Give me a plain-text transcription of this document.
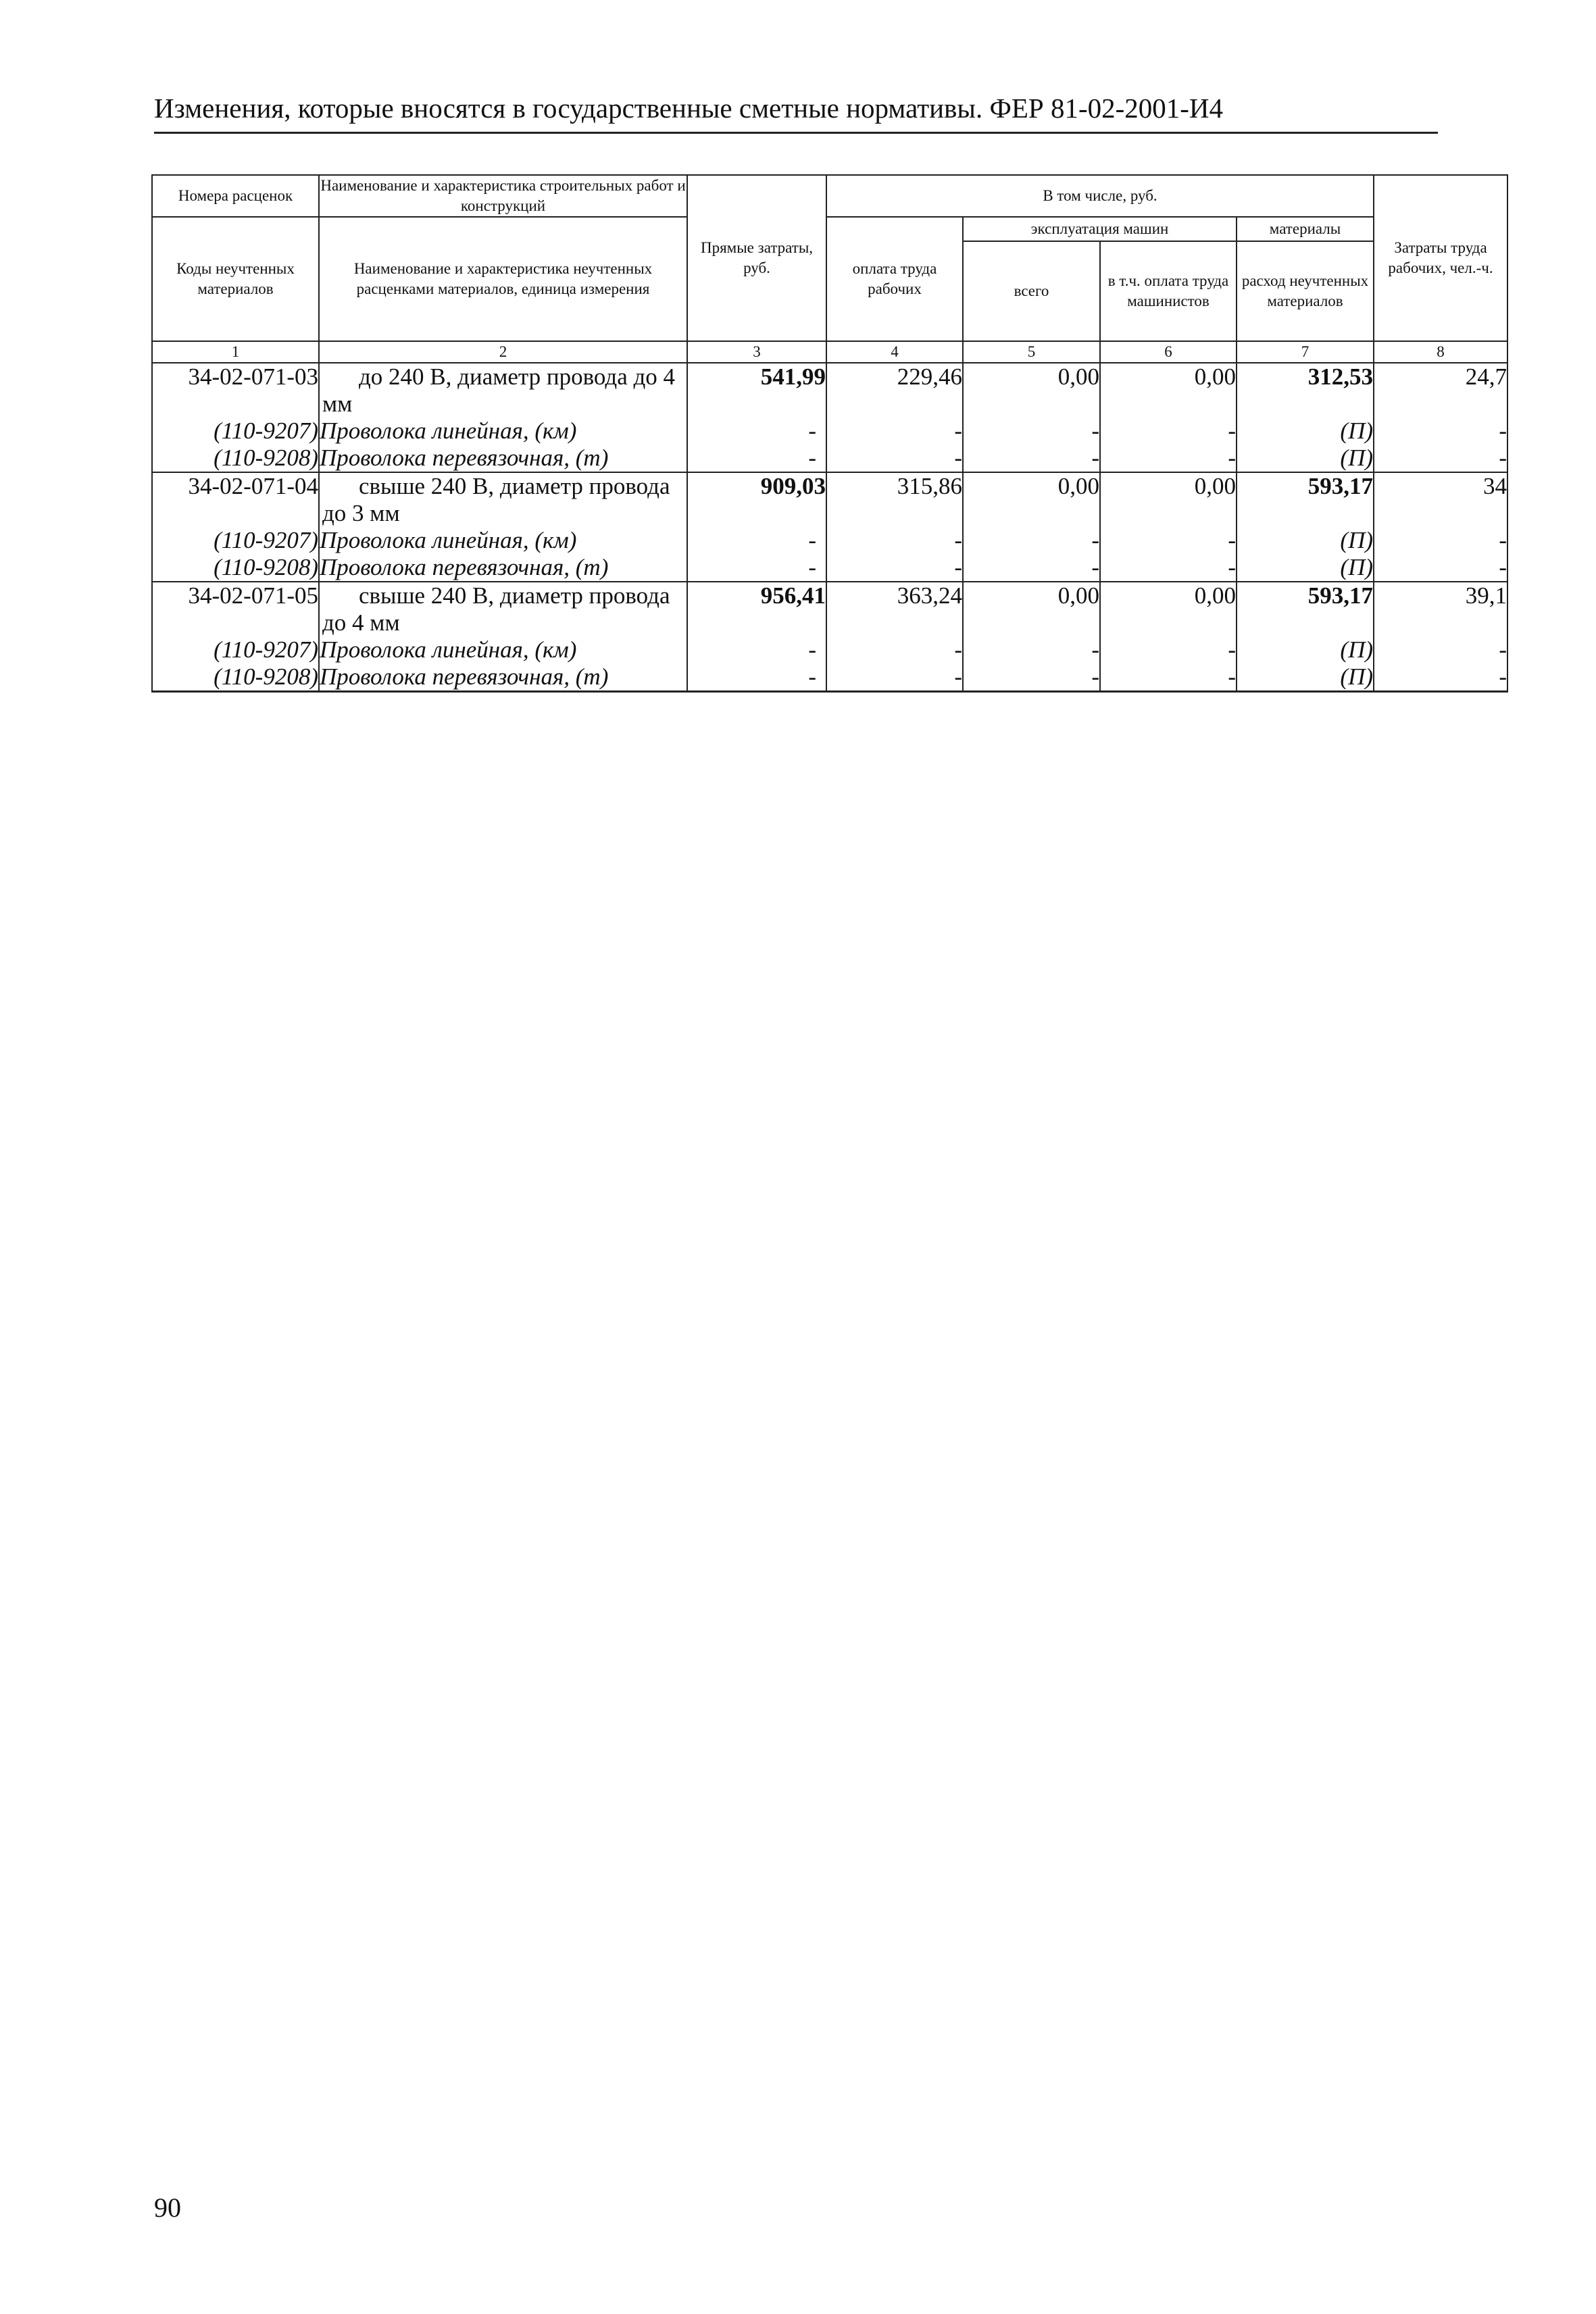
Изменения, которые вносятся в государственные сметные нормативы. ФЕР 81-02-2001-И4
Номера расценок	Наименование и характеристика строительных работ и конструкций	Прямые затраты, руб.	В том числе, руб.				Затраты труда рабочих, чел.-ч.
Коды неучтенных материалов	Наименование и характеристика неучтенных расценками материалов, единица измерения		оплата труда рабочих	эксплуатация машин		материалы	
				всего	в т.ч. оплата труда машинистов	расход неучтенных материалов	
1	2	3	4	5	6	7	8
34-02-071-03	до 240 В, диаметр провода до 4 мм	541,99	229,46	0,00	0,00	312,53	24,7
(110-9207)	Проволока линейная, (км)	-	-	-	-	(П)	-
(110-9208)	Проволока перевязочная, (т)	-	-	-	-	(П)	-
34-02-071-04	свыше 240 В, диаметр провода до 3 мм	909,03	315,86	0,00	0,00	593,17	34
(110-9207)	Проволока линейная, (км)	-	-	-	-	(П)	-
(110-9208)	Проволока перевязочная, (т)	-	-	-	-	(П)	-
34-02-071-05	свыше 240 В, диаметр провода до 4 мм	956,41	363,24	0,00	0,00	593,17	39,1
(110-9207)	Проволока линейная, (км)	-	-	-	-	(П)	-
(110-9208)	Проволока перевязочная, (т)	-	-	-	-	(П)	-
90
